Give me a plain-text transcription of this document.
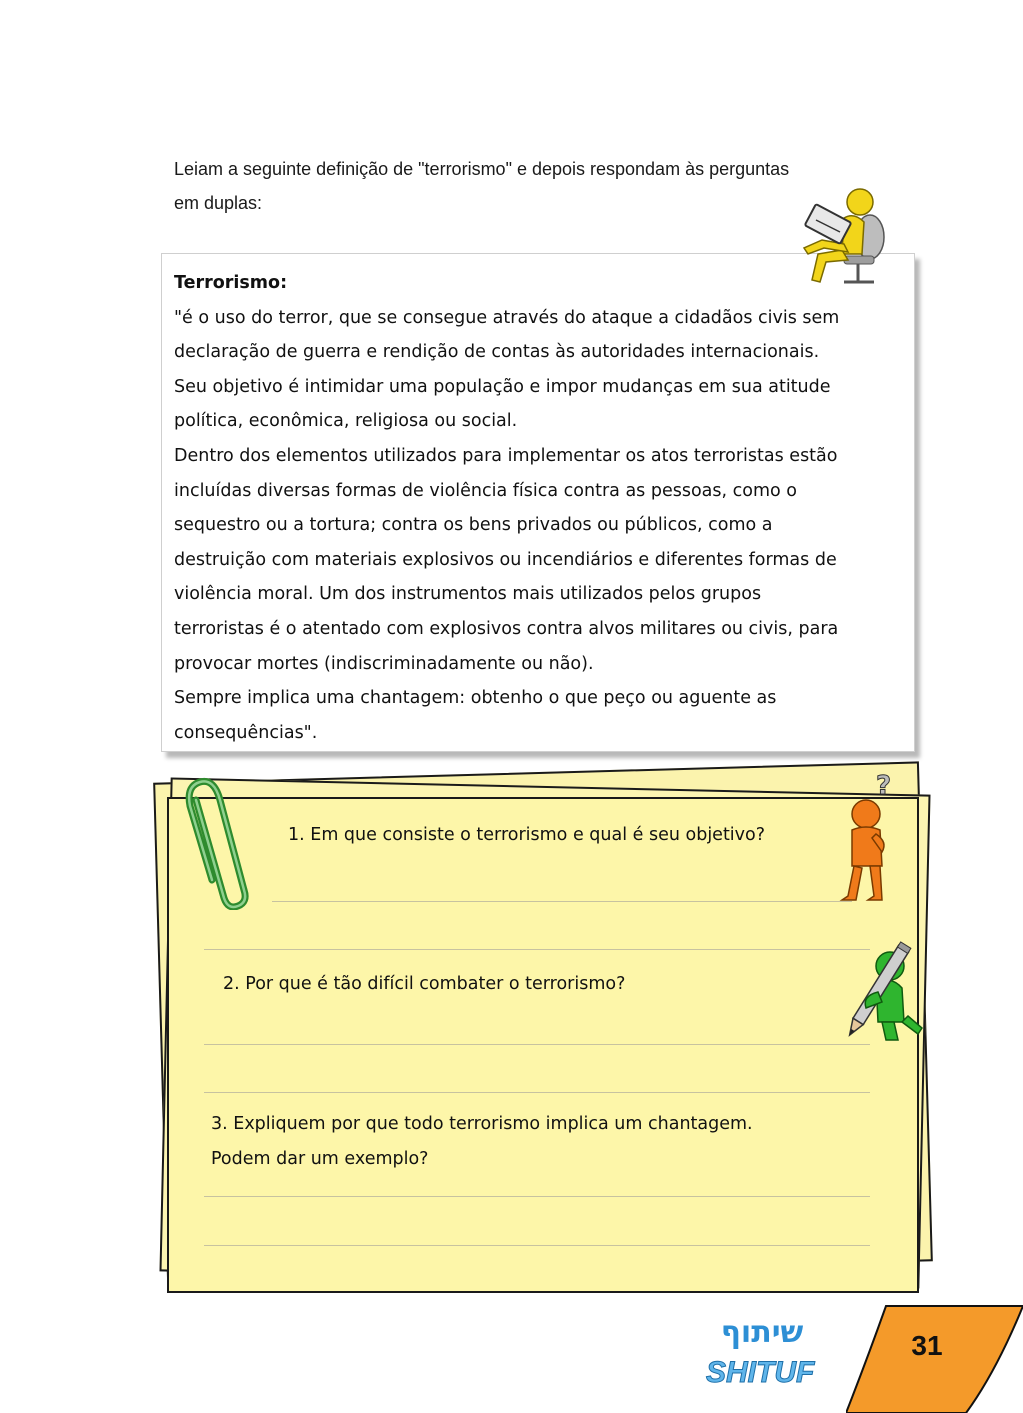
Leiam a seguinte definição de "terrorismo" e depois respondam às perguntas
em duplas:
Terrorismo:
"é o uso do terror, que se consegue através do ataque a cidadãos civis sem
declaração de guerra e rendição de contas às autoridades internacionais.
Seu objetivo é intimidar uma população e impor mudanças em sua atitude
política, econômica, religiosa ou social.
Dentro dos elementos utilizados para implementar os atos terroristas estão
incluídas diversas formas de violência física contra as pessoas, como o
sequestro ou a tortura; contra os bens privados ou públicos, como a
destruição com materiais explosivos ou incendiários e diferentes formas de
violência moral. Um dos instrumentos mais utilizados pelos grupos
terroristas é o atentado com explosivos contra alvos militares ou civis, para
provocar mortes (indiscriminadamente ou não).
Sempre implica uma chantagem: obtenho o que peço ou aguente as
consequências".
1. Em que consiste o terrorismo e qual é seu objetivo?
2. Por que é tão difícil combater o terrorismo?
3. Expliquem por que todo terrorismo implica um chantagem.
Podem dar um exemplo?
?
שיתוף
SHITUF
31
